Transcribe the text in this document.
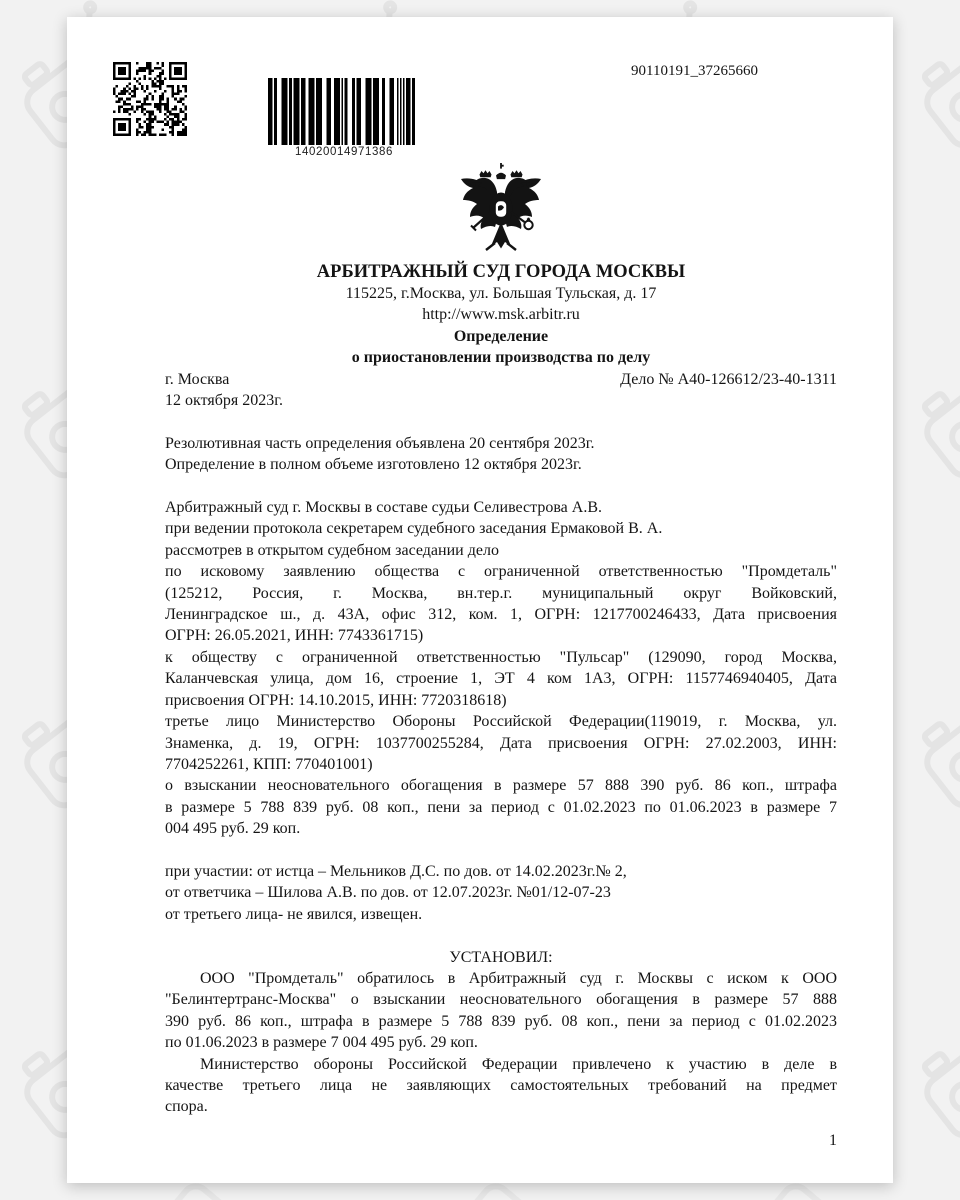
14020014971386
90110191_37265660
АРБИТРАЖНЫЙ СУД ГОРОДА МОСКВЫ
115225, г.Москва, ул. Большая Тульская, д. 17
http://www.msk.arbitr.ru
Определение
о приостановлении производства по делу
г. Москва	Дело № А40-126612/23-40-1311
12 октября 2023г.
Резолютивная часть определения объявлена 20 сентября 2023г.
Определение в полном объеме изготовлено 12 октября 2023г.
Арбитражный суд г. Москвы в составе судьи Селивестрова А.В.
при ведении протокола секретарем судебного заседания Ермаковой В. А.
рассмотрев в открытом судебном заседании дело
по исковому заявлению общества с ограниченной ответственностью "Промдеталь"
(125212, Россия, г. Москва, вн.тер.г. муниципальный округ Войковский,
Ленинградское ш., д. 43А, офис 312, ком. 1, ОГРН: 1217700246433, Дата присвоения
ОГРН: 26.05.2021, ИНН: 7743361715)
к обществу с ограниченной ответственностью "Пульсар" (129090, город Москва,
Каланчевская улица, дом 16, строение 1, ЭТ 4 ком 1А3, ОГРН: 1157746940405, Дата
присвоения ОГРН: 14.10.2015, ИНН: 7720318618)
третье лицо Министерство Обороны Российской Федерации(119019, г. Москва, ул.
Знаменка, д. 19, ОГРН: 1037700255284, Дата присвоения ОГРН: 27.02.2003, ИНН:
7704252261, КПП: 770401001)
о взыскании неосновательного обогащения в размере 57 888 390 руб. 86 коп., штрафа
в размере 5 788 839 руб. 08 коп., пени за период с 01.02.2023 по 01.06.2023 в размере 7
004 495 руб. 29 коп.
при участии: от истца – Мельников Д.С. по дов. от 14.02.2023г.№ 2,
от ответчика – Шилова А.В. по дов. от 12.07.2023г. №01/12-07-23
от третьего лица- не явился, извещен.
УСТАНОВИЛ:
ООО "Промдеталь" обратилось в Арбитражный суд г. Москвы с иском к ООО
"Белинтертранс-Москва" о взыскании неосновательного обогащения в размере 57 888
390 руб. 86 коп., штрафа в размере 5 788 839 руб. 08 коп., пени за период с 01.02.2023
по 01.06.2023 в размере 7 004 495 руб. 29 коп.
Министерство обороны Российской Федерации привлечено к участию в деле в
качестве третьего лица не заявляющих самостоятельных требований на предмет
спора.
1
